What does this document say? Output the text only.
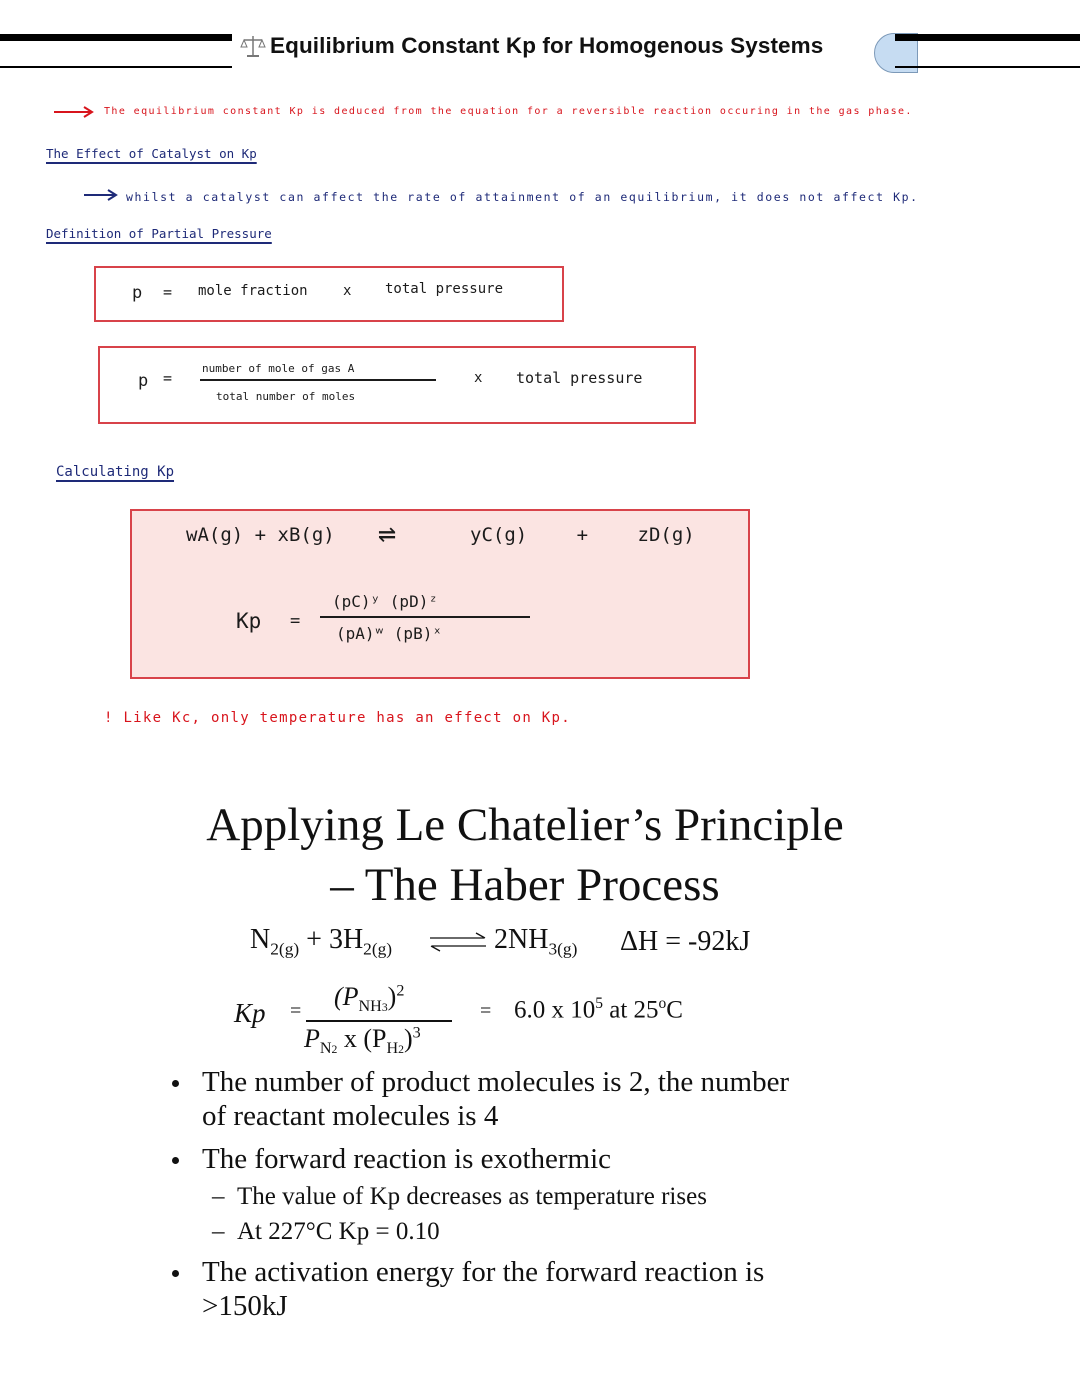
Equilibrium Constant Kp for Homogenous Systems
The equilibrium constant Kp is deduced from the equation for a reversible reaction occuring in the gas phase.
The Effect of Catalyst on Kp
whilst a catalyst can affect the rate of attainment of an equilibrium, it does not affect Kp.
Definition of Partial Pressure
p = mole fraction	x total pressure
p =
number of mole of gas A
total number of moles
x total pressure
Calculating Kp
wA(g) + xB(g) ⇌	yC(g) + zD(g)
Kp =
(pC)ʸ (pD)ᶻ
(pA)ʷ (pB)ˣ
! Like Kc, only temperature has an effect on Kp.
Applying Le Chatelier’s Principle
– The Haber Process
$N_{2(g)} + 3H_{2(g)}$ ⇌ $2NH_{3(g)}$ ΔH = -92kJ
$Kp = (P_{NH3})^2$
$P_{N2}$ x $(P_{H2})^3$
= 6.0 x $10^5$ at 25$^o$C
The number of product molecules is 2, the number
of reactant molecules is 4
The forward reaction is exothermic
– The value of Kp decreases as temperature rises
– At 227°C Kp = 0.10
The activation energy for the forward reaction is
>150kJ
